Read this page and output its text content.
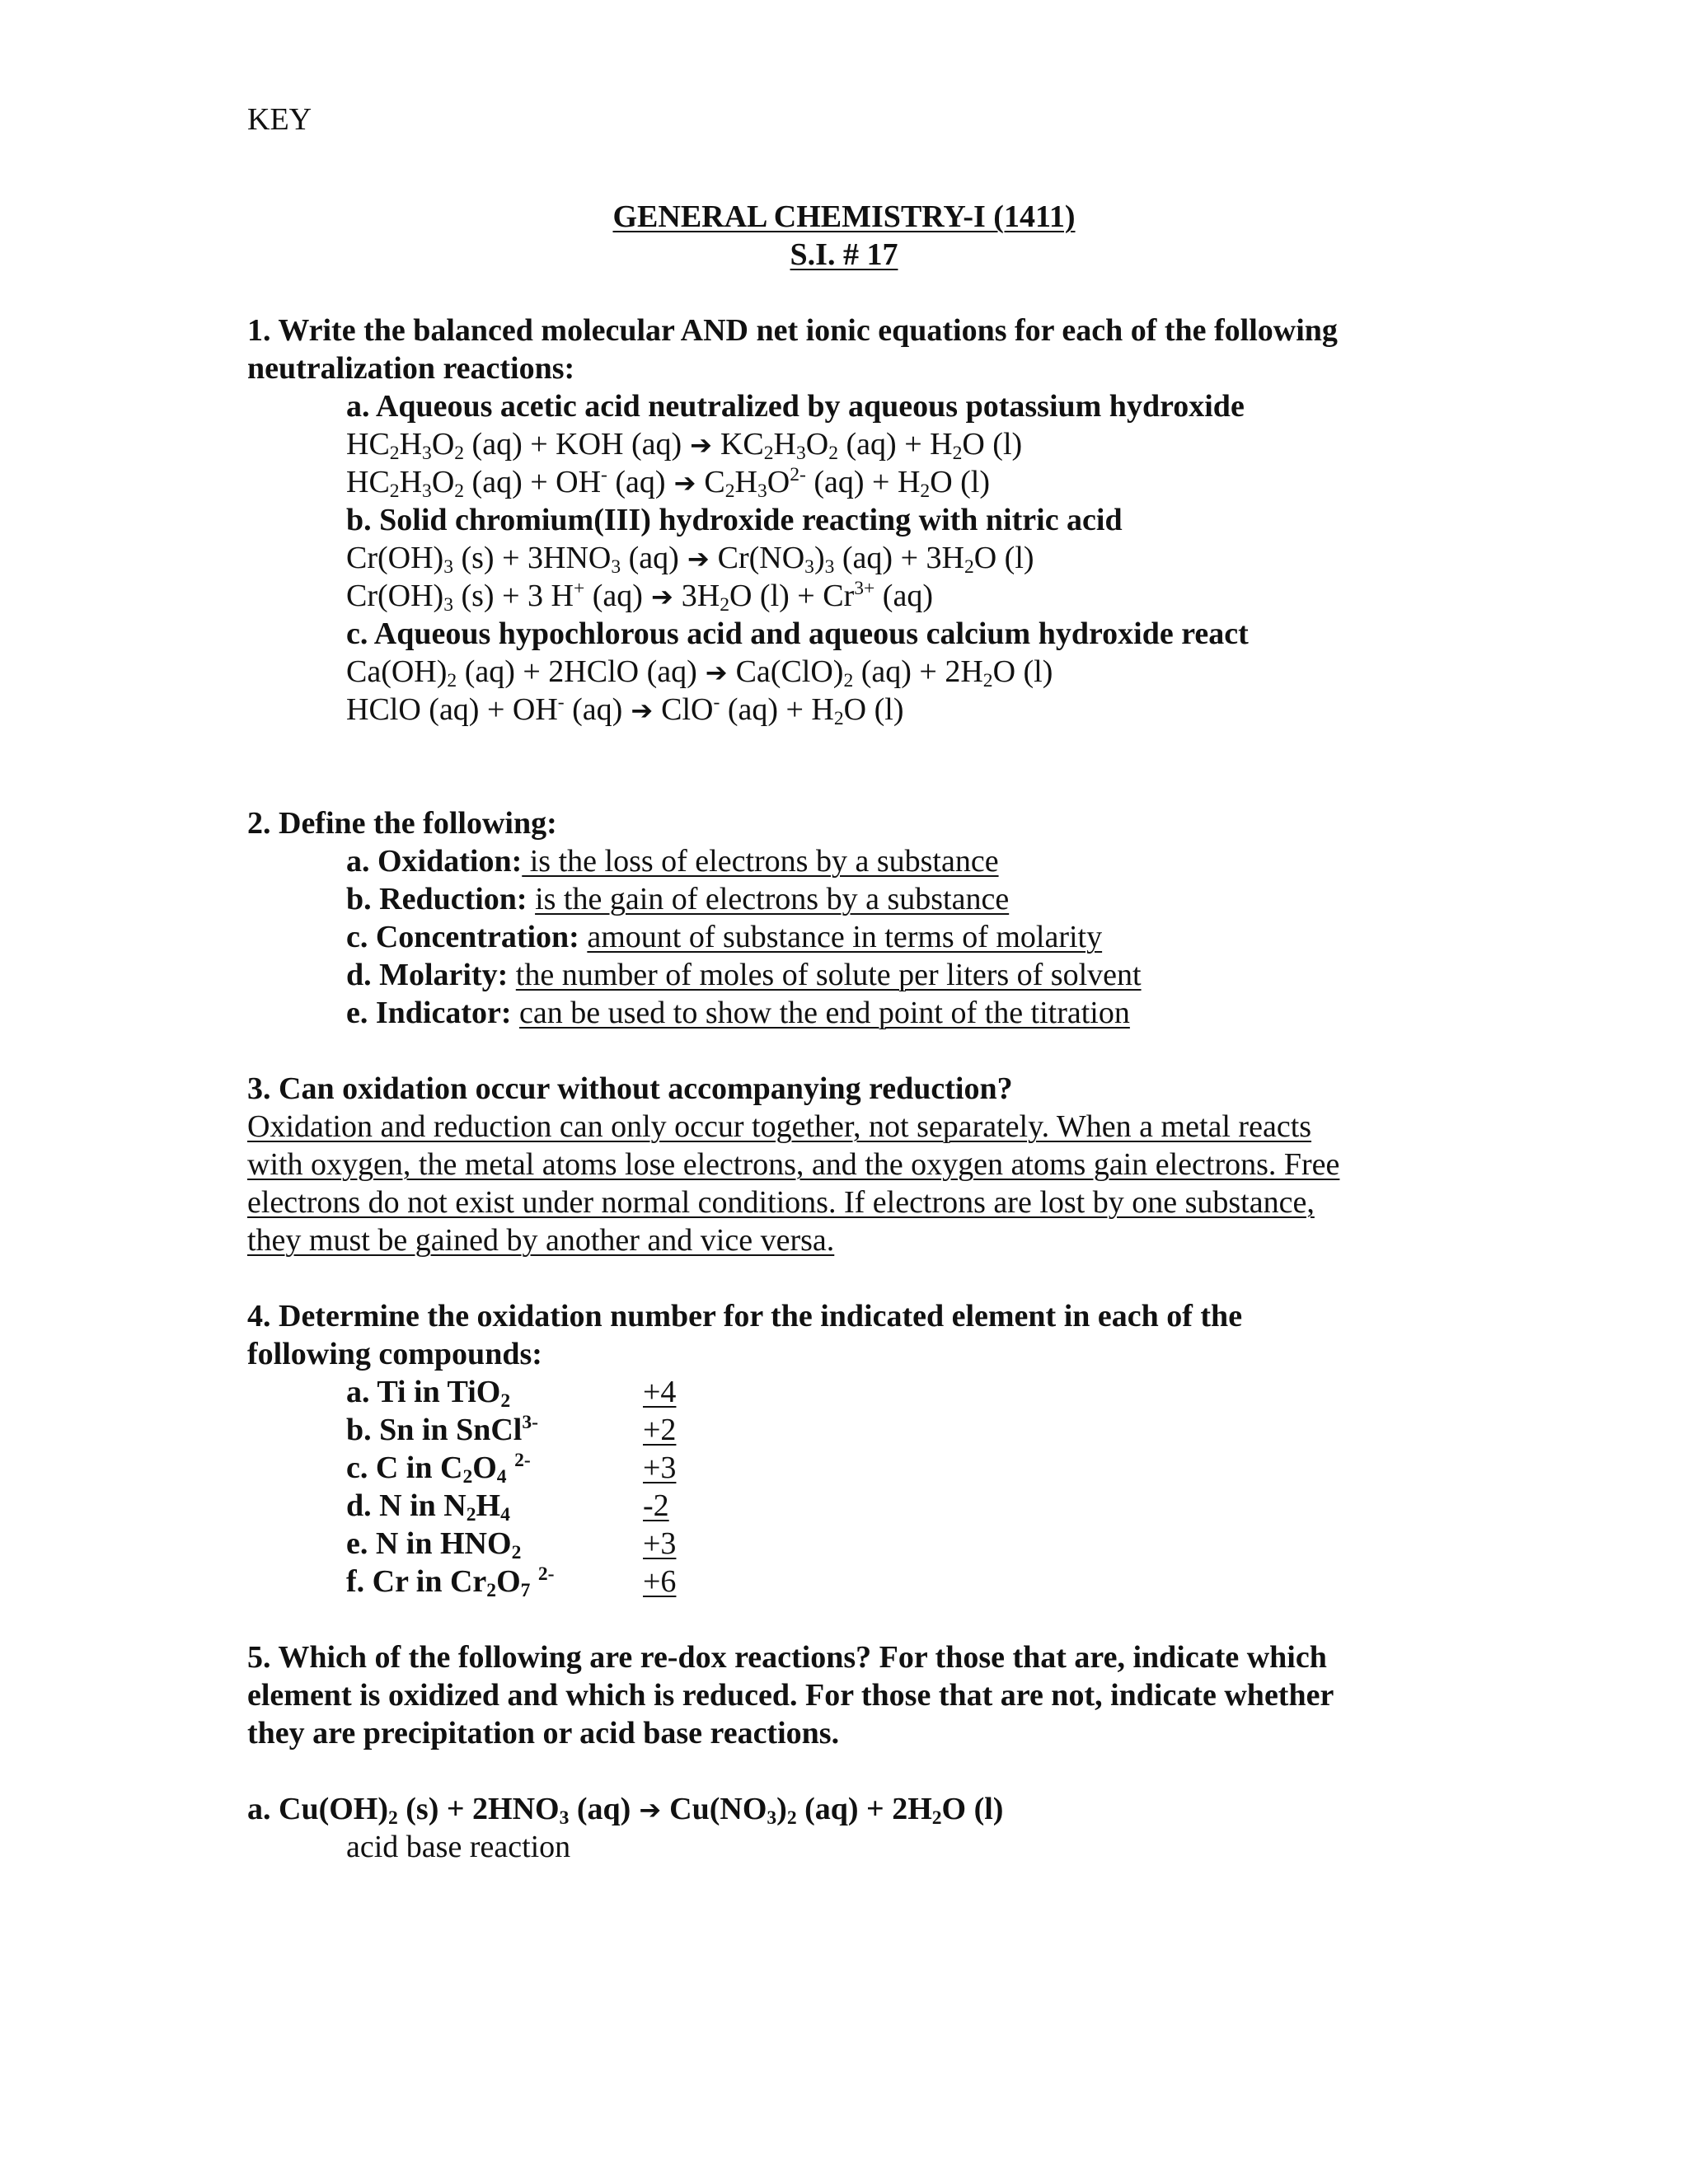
KEY
GENERAL CHEMISTRY-I (1411)
S.I. # 17
1. Write the balanced molecular AND net ionic equations for each of the following
neutralization reactions:
a. Aqueous acetic acid neutralized by aqueous potassium hydroxide
$HC_2H_3O_2$ (aq) + KOH (aq) ➔ $KC_2H_3O_2$ $(aq) + H_2O$ (l)
$HC_2H_3O_2$ (aq) + OH- (aq) ➔ $C_2H_3O^{2-}$ $(aq) + H_2O$ (l)
b. Solid chromium(III) hydroxide reacting with nitric acid
$Cr(OH)_3$ $(s) + 3HNO_3$ (aq) ➔ $Cr(NO_3)_3$ $(aq) + 3H_2O$ (l)
$Cr(OH)_3$ (s) + 3 H+ (aq) ➔ $3H_2O$ $(l) + Cr^{3+}$ (aq)
c. Aqueous hypochlorous acid and aqueous calcium hydroxide react
$Ca(OH)_2$ (aq) + 2HClO (aq) ➔ $Ca(ClO)_2$ $(aq) + 2H_2O$ (l)
HClO (aq) + OH- (aq) ➔ ClO- $(aq) + H_2O$ (l)
2. Define the following:
a. Oxidation: is the loss of electrons by a substance
b. Reduction: is the gain of electrons by a substance
c. Concentration: amount of substance in terms of molarity
d. Molarity: the number of moles of solute per liters of solvent
e. Indicator: can be used to show the end point of the titration
3. Can oxidation occur without accompanying reduction?
Oxidation and reduction can only occur together, not separately. When a metal reacts
with oxygen, the metal atoms lose electrons, and the oxygen atoms gain electrons. Free
electrons do not exist under normal conditions. If electrons are lost by one substance,
they must be gained by another and vice versa.
4. Determine the oxidation number for the indicated element in each of the
following compounds:
a. Ti in TiO$_2$	+4
b. Sn in SnCl$^{3-}$	+2
c. C in $C_2O_4$ $^{2-}$	+3
d. N in $N_2H_4$	-2
e. N in $HNO_2$	+3
f. Cr in $Cr_2O_7$ $^{2-}$	+6
5. Which of the following are re-dox reactions? For those that are, indicate which
element is oxidized and which is reduced. For those that are not, indicate whether
they are precipitation or acid base reactions.
a. $Cu(OH)_2$ $(s) + 2HNO_3$ (aq) ➔ $Cu(NO_3)_2$ $(aq) + 2H_2O$ (l)
acid base reaction
